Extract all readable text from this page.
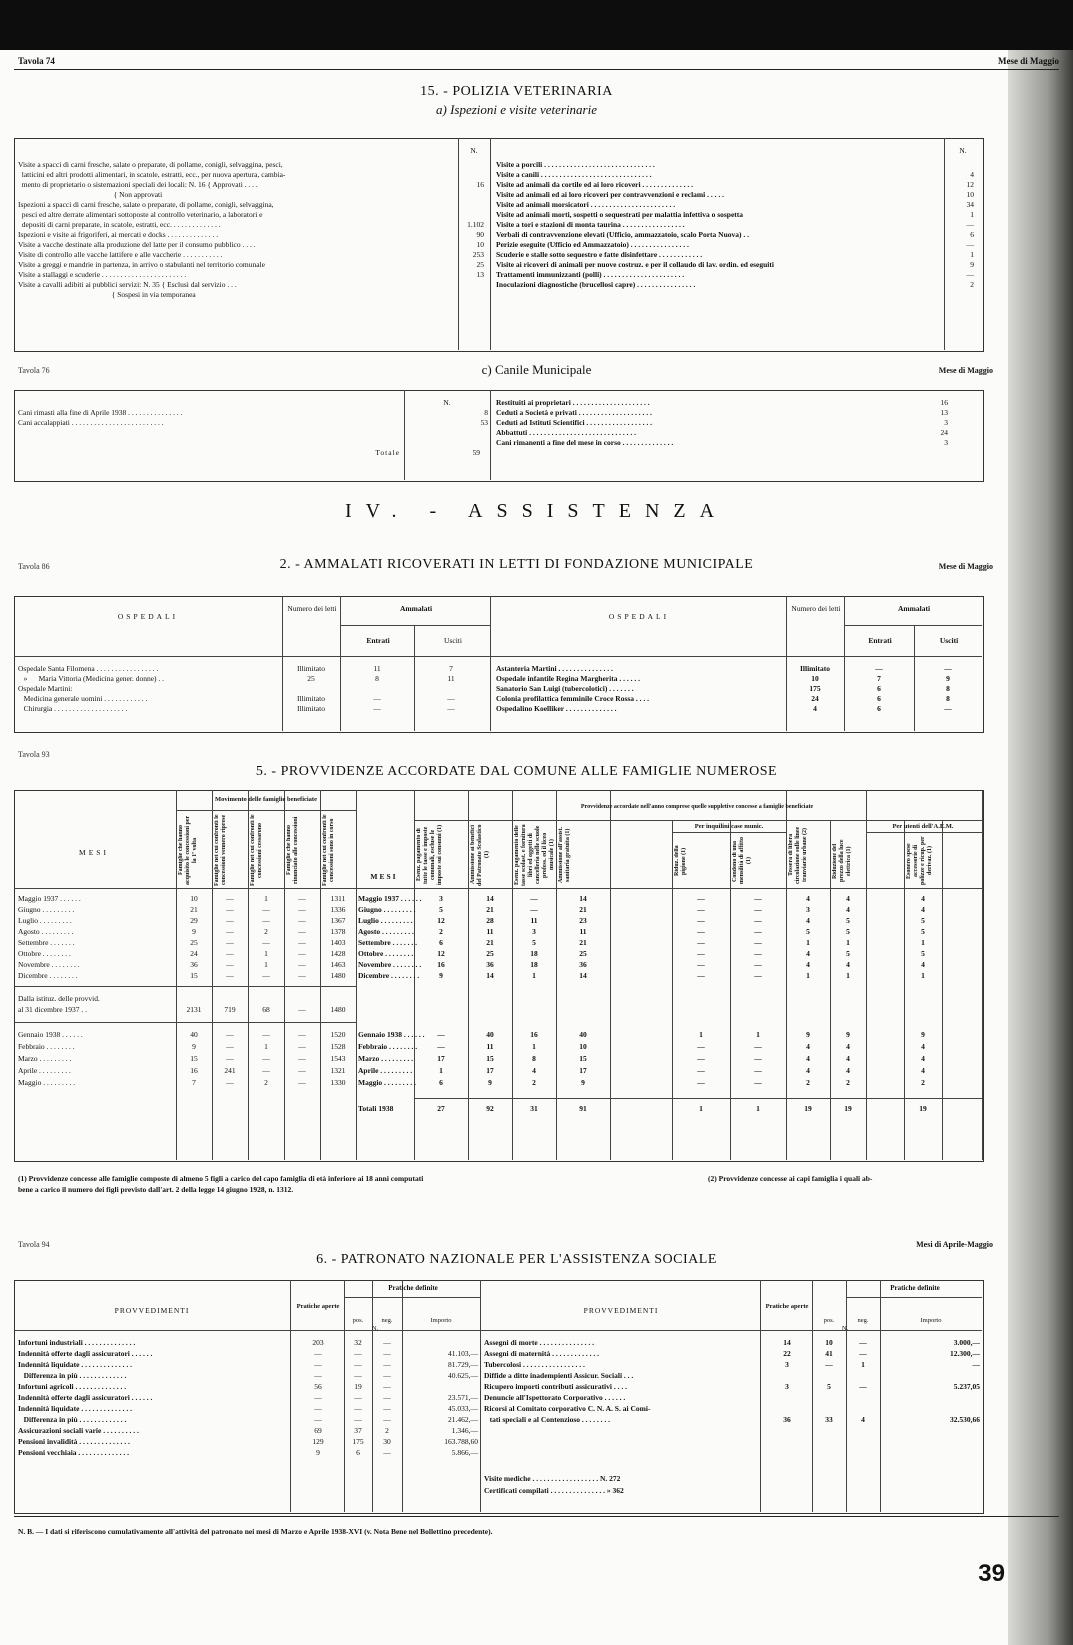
Tavola 74	Mese di Maggio
15. - POLIZIA VETERINARIA
a) Ispezioni e visite veterinarie
N.	N.
Visite a spacci di carni fresche, salate o preparate, di pollame, conigli, selvaggina, pesci,
latticini ed altri prodotti alimentari, in scatole, estratti, ecc., per nuova apertura, cambia-
mento di proprietario o sistemazioni speciali dei locali: N. 16 { Approvati . . . .	16
{ Non approvati
Ispezioni a spacci di carni fresche, salate o preparate, di pollame, conigli, selvaggina,
pesci ed altre derrate alimentari sottoposte al controllo veterinario, a laboratori e
depositi di carni preparate, in scatole, estratti, ecc. . . . . . . . . . . . . .	1.102
Ispezioni e visite ai frigoriferi, ai mercati e docks . . . . . . . . . . . . . .	90
Visite a vacche destinate alla produzione del latte per il consumo pubblico . . . .	10
Visite di controllo alle vacche lattifere e alle vaccherie . . . . . . . . . . .	253
Visite a greggi e mandrie in partenza, in arrivo o stabulanti nel territorio comunale	25
Visite a stallaggi e scuderie . . . . . . . . . . . . . . . . . . . . . . .	13
Visite a cavalli adibiti ai pubblici servizi: N. 35 { Esclusi dal servizio . . .
{ Sospesi in via temporanea
Visite a porcili . . . . . . . . . . . . . . . . . . . . . . . . . . . . . .
Visite a canili . . . . . . . . . . . . . . . . . . . . . . . . . . . . . .	4
Visite ad animali da cortile ed ai loro ricoveri . . . . . . . . . . . . . .	12
Visite ad animali ed ai loro ricoveri per contravvenzioni e reclami . . . . .	10
Visite ad animali morsicatori . . . . . . . . . . . . . . . . . . . . . . .	34
Visite ad animali morti, sospetti o sequestrati per malattia infettiva o sospetta	1
Visite a tori e stazioni di monta taurina . . . . . . . . . . . . . . . . .	—
Verbali di contravvenzione elevati (Ufficio, ammazzatoio, scalo Porta Nuova) . .	6
Perizie eseguite (Ufficio ed Ammazzatoio) . . . . . . . . . . . . . . . .	—
Scuderie e stalle sotto sequestro e fatte disinfettare . . . . . . . . . . . .	1
Visite ai ricoveri di animali per nuove costruz. e per il collaudo di lav. ordin. ed eseguiti	9
Trattamenti immunizzanti (polli) . . . . . . . . . . . . . . . . . . . . . .	—
Inoculazioni diagnostiche (brucellosi capre) . . . . . . . . . . . . . . . .	2
Tavola 76	c) Canile Municipale	Mese di Maggio
N.
Cani rimasti alla fine di Aprile 1938 . . . . . . . . . . . . . . .	8
Cani accalappiati . . . . . . . . . . . . . . . . . . . . . . . . .	53
Totale	59
Restituiti ai proprietari . . . . . . . . . . . . . . . . . . . . .	16
Ceduti a Società e privati . . . . . . . . . . . . . . . . . . . .	13
Ceduti ad Istituti Scientifici . . . . . . . . . . . . . . . . . .	3
Abbattuti . . . . . . . . . . . . . . . . . . . . . . . . . . . . .	24
Cani rimanenti a fine del mese in corso . . . . . . . . . . . . . .	3
IV. - ASSISTENZA
Tavola 86	2. - AMMALATI RICOVERATI IN LETTI DI FONDAZIONE MUNICIPALE	Mese di Maggio
OSPEDALI
Numero dei letti	Ammalati
Entrati	Usciti
OSPEDALI
Numero dei letti	Ammalati
Entrati	Usciti
Ospedale Santa Filomena . . . . . . . . . . . . . . . . .	Illimitato	11	7
»      Maria Vittoria (Medicina gener. donne) . .	25	8	11
Ospedale Martini:
Medicina generale uomini . . . . . . . . . . . .	Illimitato	—	—
Chirurgia . . . . . . . . . . . . . . . . . . . .	Illimitato	—	—
Astanteria Martini . . . . . . . . . . . . . . .	Illimitato	—	—
Ospedale infantile Regina Margherita . . . . . .	10	7	9
Sanatorio San Luigi (tubercolotici) . . . . . . .	175	6	8
Colonia profilattica femminile Croce Rossa . . . .	24	6	8
Ospedalino Koelliker . . . . . . . . . . . . . .	4	6	—
Tavola 93
5. - PROVVIDENZE ACCORDATE DAL COMUNE ALLE FAMIGLIE NUMEROSE
Movimento delle famiglie beneficiate
Provvidenze accordate nell'anno comprese quelle suppletive concesse a famiglie beneficiate
MESI
MESI
Per inquilini case munic.	Per utenti dell'A.E.M.
Famiglie che hanno acquisito le concessioni per la 1ª volta	Famiglie nei cui confronti le concessioni vennero riprese	Famiglie nei cui confronti le concessioni cessarono	Famiglie che hanno rinunciato alle concessioni	Famiglie nei cui confronti le concessioni sono in corso	Esenz. pagamento di tutte le tasse e imposte comunali, escluse le imposte sui consumi (1)	Ammissione ai beneficî del Patronato Scolastico (1)	Esenz. pagamento delle tasse scolast. e fornitura libri ed oggetti di cancelleria nelle scuole profess. ed il liceo musicale (1) Ammissione all'assist. sanitaria gratuita (1)	Riduz. della pigione (1)	Condono di una mensilità di affitto (1)	Tessera di libera circolazione sulle linee tranviarie urbane (2)	Riduzione del prezzo della luce elettrica (1)	Esonero spese accessorie di polizze e ricup. per derivaz. (1)
Maggio 1937 . . . . . .	10	—	1	—	1311	Maggio 1937 . . . . . .	3	14	—	14	—	—	4	4	4
Giugno . . . . . . . . .	21	—	—	—	1336	Giugno . . . . . . . . .	5	21	—	21	—	—	3	4	4
Luglio . . . . . . . . .	29	—	—	—	1367	Luglio . . . . . . . . .	12	28	11	23	—	—	4	5	5
Agosto . . . . . . . . .	9	—	2	—	1378	Agosto . . . . . . . . .	2	11	3	11	—	—	5	5	5
Settembre . . . . . . .	25	—	—	—	1403	Settembre . . . . . . .	6	21	5	21	—	—	1	1	1
Ottobre . . . . . . . .	24	—	1	—	1428	Ottobre . . . . . . . .	12	25	18	25	—	—	4	5	5
Novembre . . . . . . . .	36	—	1	—	1463	Novembre . . . . . . . .	16	36	18	36	—	—	4	4	4
Dicembre . . . . . . . .	15	—	—	—	1480	Dicembre . . . . . . . .	9	14	1	14	—	—	1	1	1
Dalla istituz. delle provvid.
al 31 dicembre 1937 . .	2131	719	68	—	1480
Gennaio 1938 . . . . . .	40	—	—	—	1520	Gennaio 1938 . . . . . .	—	40	16	40	1	1	9	9	9
Febbraio . . . . . . . .	9	—	1	—	1528	Febbraio . . . . . . . .	—	11	1	10	—	—	4	4	4
Marzo . . . . . . . . .	15	—	—	—	1543	Marzo . . . . . . . . .	17	15	8	15	—	—	4	4	4
Aprile . . . . . . . . .	16	241	—	—	1321	Aprile . . . . . . . . .	1	17	4	17	—	—	4	4	4
Maggio . . . . . . . . .	7	—	2	—	1330	Maggio . . . . . . . . .	6	9	2	9	—	—	2	2	2
Totali 1938	27	92	31	91	1	1	19	19	19
(1) Provvidenze concesse alle famiglie composte di almeno 5 figli a carico del capo famiglia di età inferiore ai 18 anni computati
bene a carico il numero dei figli previsto dall'art. 2 della legge 14 giugno 1928, n. 1312.
(2) Provvidenze concesse ai capi famiglia i quali ab-
Tavola 94
6. - PATRONATO NAZIONALE PER L'ASSISTENZA SOCIALE
Mesi di Aprile-Maggio
PROVVEDIMENTI	Pratiche aperte
Pratiche definite
pos.	neg.	Importo
N.
PROVVEDIMENTI	Pratiche aperte
Pratiche definite
pos.	neg.	Importo
N.
Infortuni industriali . . . . . . . . . . . . . .	203	32	—
Indennità offerte dagli assicuratori . . . . . .	—	—	—	41.103,—
Indennità liquidate . . . . . . . . . . . . . .	—	—	—	81.729,—
Differenza in più . . . . . . . . . . . . .	—	—	—	40.625,—
Infortuni agricoli . . . . . . . . . . . . . .	56	19	—
Indennità offerte dagli assicuratori . . . . . .	—	—	—	23.571,—
Indennità liquidate . . . . . . . . . . . . . .	—	—	—	45.033,—
Differenza in più . . . . . . . . . . . . .	—	—	—	21.462,—
Assicurazioni sociali varie . . . . . . . . . .	69	37	2	1.346,—
Pensioni invalidità . . . . . . . . . . . . . .	129	175	30	163.788,60
Pensioni vecchiaia . . . . . . . . . . . . . .	9	6	—	5.866,—
Assegni di morte . . . . . . . . . . . . . . .	14	10	—	3.000,—
Assegni di maternità . . . . . . . . . . . . .	22	41	—	12.300,—
Tubercolosi . . . . . . . . . . . . . . . . .	3	—	1	—
Diffide a ditte inadempienti Assicur. Sociali . . .
Ricupero importi contributi assicurativi . . . .	3	5	—	5.237,05
Denuncie all'Ispettorato Corporativo . . . . . .
Ricorsi al Comitato corporativo C. N. A. S. ai Comi-
tati speciali e al Contenzioso . . . . . . . .	36	33	4	32.530,66
Visite mediche . . . . . . . . . . . . . . . . . . N. 272
Certificati compilati . . . . . . . . . . . . . . . » 362
N. B. — I dati si riferiscono cumulativamente all'attività del patronato nei mesi di Marzo e Aprile 1938-XVI (v. Nota Bene nel Bollettino precedente).
39
